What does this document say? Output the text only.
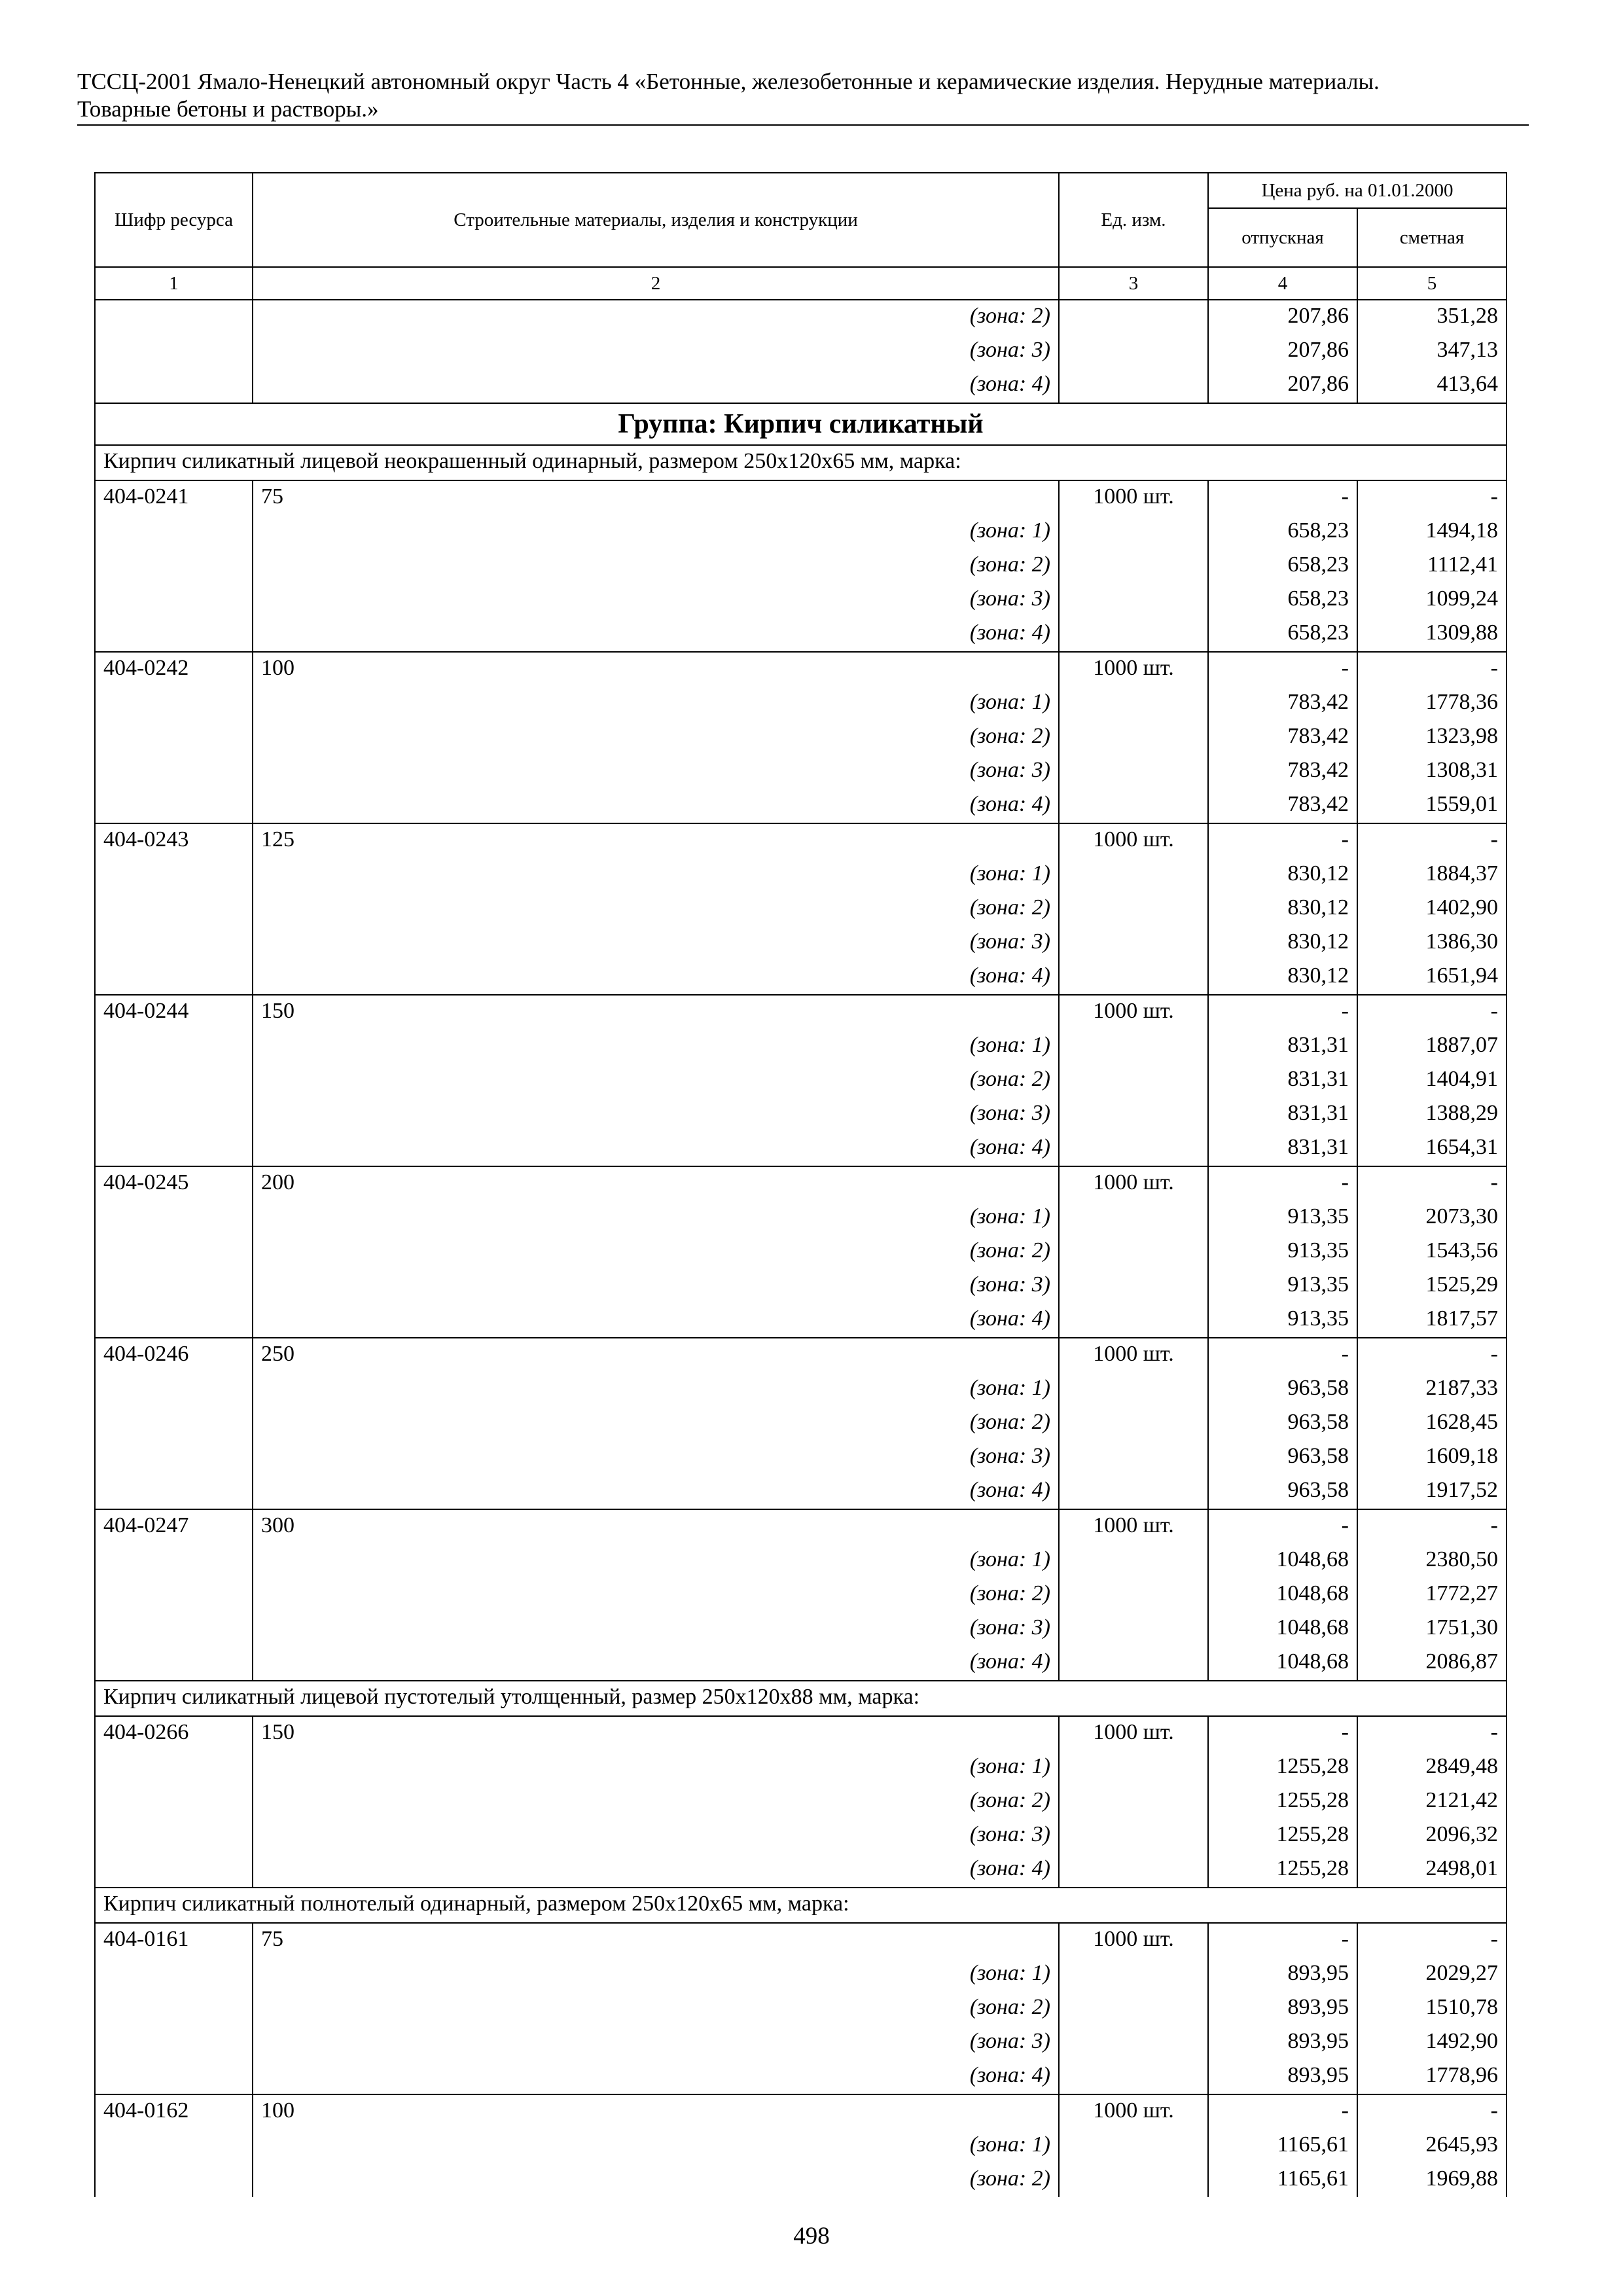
ТССЦ-2001 Ямало-Ненецкий автономный округ Часть 4 «Бетонные, железобетонные и керамические изделия. Нерудные материалы.
Товарные бетоны и растворы.»
Шифр ресурса	Строительные материалы, изделия и конструкции	Ед. изм.	Цена руб. на 01.01.2000	
			отпускная	сметная
1	2	3	4	5
	(зона: 2)		207,86	351,28
	(зона: 3)		207,86	347,13
	(зона: 4)		207,86	413,64
Группа: Кирпич силикатный				
Кирпич силикатный лицевой неокрашенный одинарный, размером 250х120х65 мм, марка:				
404-0241	75	1000 шт.	-	-
	(зона: 1)		658,23	1494,18
	(зона: 2)		658,23	1112,41
	(зона: 3)		658,23	1099,24
	(зона: 4)		658,23	1309,88
404-0242	100	1000 шт.	-	-
	(зона: 1)		783,42	1778,36
	(зона: 2)		783,42	1323,98
	(зона: 3)		783,42	1308,31
	(зона: 4)		783,42	1559,01
404-0243	125	1000 шт.	-	-
	(зона: 1)		830,12	1884,37
	(зона: 2)		830,12	1402,90
	(зона: 3)		830,12	1386,30
	(зона: 4)		830,12	1651,94
404-0244	150	1000 шт.	-	-
	(зона: 1)		831,31	1887,07
	(зона: 2)		831,31	1404,91
	(зона: 3)		831,31	1388,29
	(зона: 4)		831,31	1654,31
404-0245	200	1000 шт.	-	-
	(зона: 1)		913,35	2073,30
	(зона: 2)		913,35	1543,56
	(зона: 3)		913,35	1525,29
	(зона: 4)		913,35	1817,57
404-0246	250	1000 шт.	-	-
	(зона: 1)		963,58	2187,33
	(зона: 2)		963,58	1628,45
	(зона: 3)		963,58	1609,18
	(зона: 4)		963,58	1917,52
404-0247	300	1000 шт.	-	-
	(зона: 1)		1048,68	2380,50
	(зона: 2)		1048,68	1772,27
	(зона: 3)		1048,68	1751,30
	(зона: 4)		1048,68	2086,87
Кирпич силикатный лицевой пустотелый утолщенный, размер 250х120х88 мм, марка:				
404-0266	150	1000 шт.	-	-
	(зона: 1)		1255,28	2849,48
	(зона: 2)		1255,28	2121,42
	(зона: 3)		1255,28	2096,32
	(зона: 4)		1255,28	2498,01
Кирпич силикатный полнотелый одинарный, размером 250х120х65 мм, марка:				
404-0161	75	1000 шт.	-	-
	(зона: 1)		893,95	2029,27
	(зона: 2)		893,95	1510,78
	(зона: 3)		893,95	1492,90
	(зона: 4)		893,95	1778,96
404-0162	100	1000 шт.	-	-
	(зона: 1)		1165,61	2645,93
	(зона: 2)		1165,61	1969,88
498
